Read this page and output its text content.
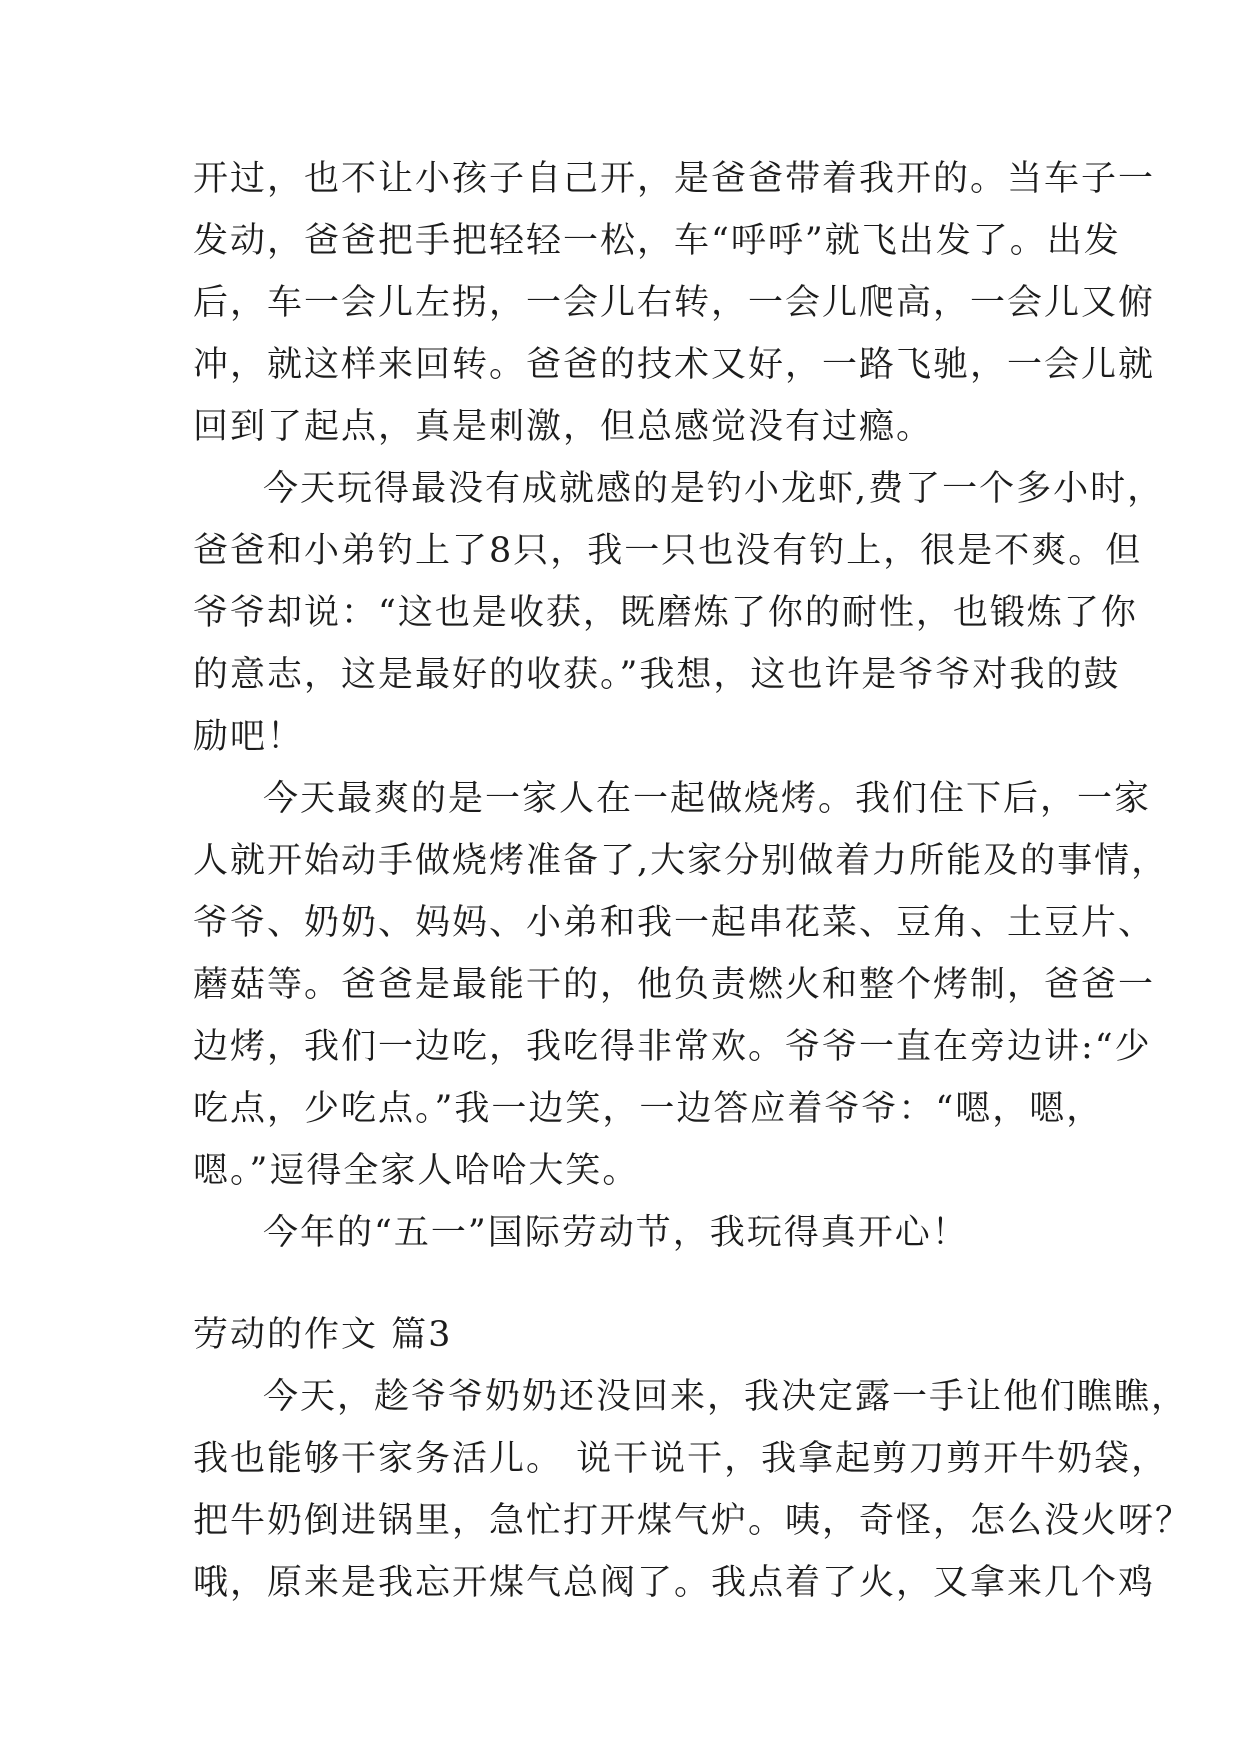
开过，也不让小孩子自己开，是爸爸带着我开的。当车子一
发动，爸爸把手把轻轻一松，车“呼呼”就飞出发了。出发
后，车一会儿左拐，一会儿右转，一会儿爬高，一会儿又俯
冲，就这样来回转。爸爸的技术又好，一路飞驰，一会儿就
回到了起点，真是刺激，但总感觉没有过瘾。
今天玩得最没有成就感的是钓小龙虾,费了一个多小时，
爸爸和小弟钓上了8只，我一只也没有钓上，很是不爽。但
爷爷却说：“这也是收获，既磨炼了你的耐性，也锻炼了你
的意志，这是最好的收获。”我想，这也许是爷爷对我的鼓
励吧！
今天最爽的是一家人在一起做烧烤。我们住下后，一家
人就开始动手做烧烤准备了,大家分别做着力所能及的事情，
爷爷、奶奶、妈妈、小弟和我一起串花菜、豆角、土豆片、
蘑菇等。爸爸是最能干的，他负责燃火和整个烤制，爸爸一
边烤，我们一边吃，我吃得非常欢。爷爷一直在旁边讲:“少
吃点，少吃点。”我一边笑，一边答应着爷爷：“嗯，嗯，
嗯。”逗得全家人哈哈大笑。
今年的“五一”国际劳动节，我玩得真开心！
劳动的作文 篇3
今天，趁爷爷奶奶还没回来，我决定露一手让他们瞧瞧，
我也能够干家务活儿。 说干说干，我拿起剪刀剪开牛奶袋，
把牛奶倒进锅里，急忙打开煤气炉。咦，奇怪，怎么没火呀？
哦，原来是我忘开煤气总阀了。我点着了火，又拿来几个鸡
